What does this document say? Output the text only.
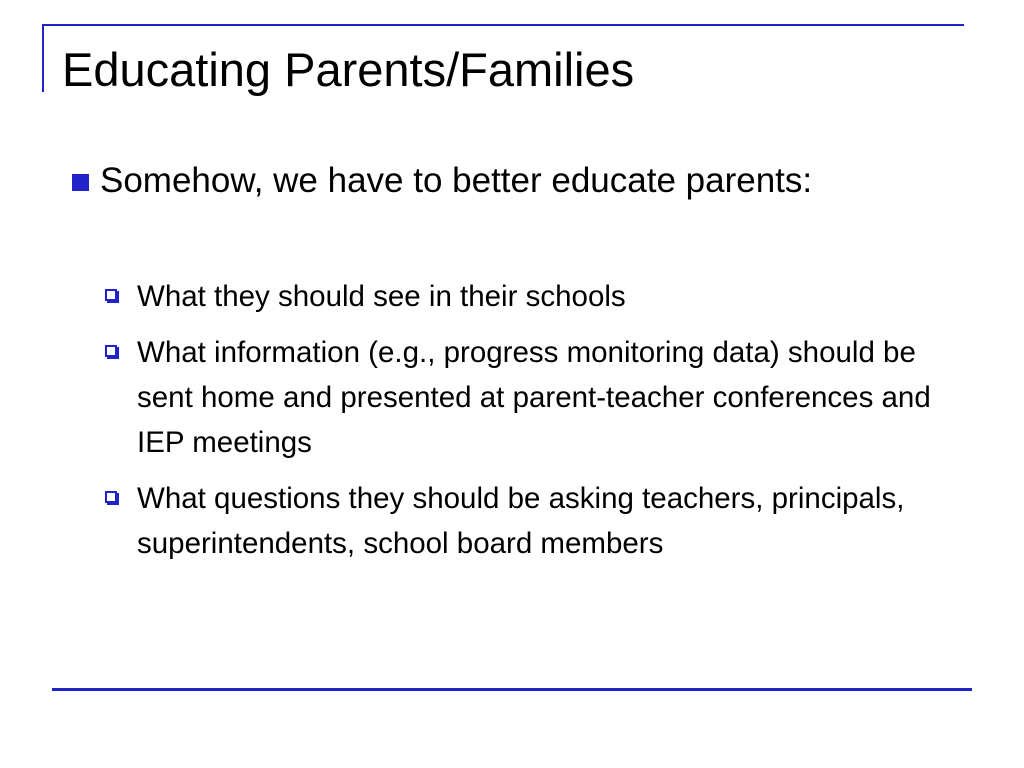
Educating Parents/Families
Somehow, we have to better educate parents:
What they should see in their schools
What information (e.g., progress monitoring data) should be sent home and presented at parent-teacher conferences and IEP meetings
What questions they should be asking teachers, principals, superintendents, school board members
